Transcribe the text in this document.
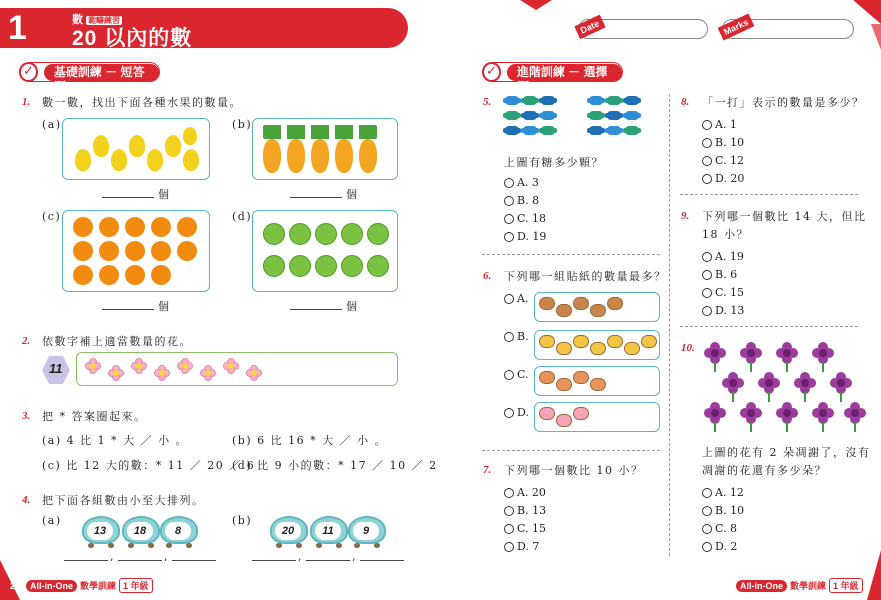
1	數 範疇練習
20 以內的數	Date	Marks
✓	基礎訓練 － 短答題
1. 數一數，找出下面各種水果的數量。
(a)
個
(b)
個
(c)
個
(d)
個
2. 依數字補上適當數量的花。
11
3. 把 * 答案圈起來。
(a) 4 比 1 * 大 ／ 小 。	(b) 6 比 16 * 大 ／ 小 。
(c) 比 12 大的數：* 11 ／ 20 ／ 6
(d) 比 9 小的數：* 17 ／ 10 ／ 2
4. 把下面各組數由小至大排列。
(a)	(b)
13	18	8	20	11	9
,	,	,	,
2	All-in-One 數學訓練 1 年級
✓	進階訓練 － 選擇題
5.
上圖有糖多少顆？
A. 3
B. 8
C. 18
D. 19
6. 下列哪一組貼紙的數量最多？
A.
B.
C.
D.
7. 下列哪一個數比 10 小？
A. 20
B. 13
C. 15
D. 7
8. 「一打」表示的數量是多少？
A. 1
B. 10
C. 12
D. 20
9. 下列哪一個數比 14 大，但比
18 小？
A. 19
B. 6
C. 15
D. 13
10.
上圖的花有 2 朵凋謝了，沒有
凋謝的花還有多少朵？
A. 12
B. 10
C. 8
D. 2
All-in-One 數學訓練 1 年級 3
